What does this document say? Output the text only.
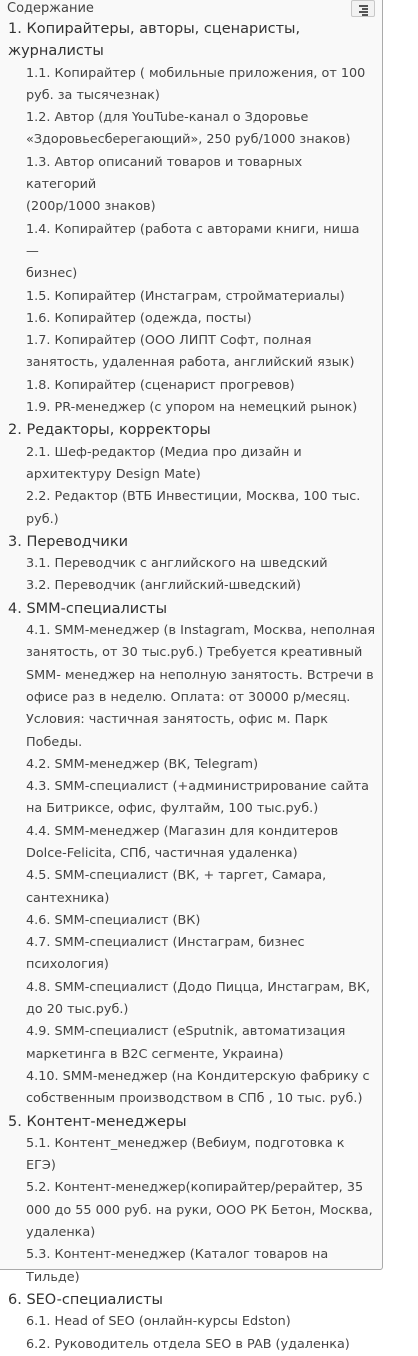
Содержание
1. Копирайтеры, авторы, сценаристы, журналисты
1.1. Копирайтер ( мобильные приложения, от 100
руб. за тысячезнак)
1.2. Автор (для YouTube-канал о Здоровье
«Здоровьесберегающий», 250 руб/1000 знаков)
1.3. Автор описаний товаров и товарных категорий
(200р/1000 знаков)
1.4. Копирайтер (работа с авторами книги, ниша —
бизнес)
1.5. Копирайтер (Инстаграм, стройматериалы)
1.6. Копирайтер (одежда, посты)
1.7. Копирайтер (ООО ЛИПТ Софт, полная
занятость, удаленная работа, английский язык)
1.8. Копирайтер (сценарист прогревов)
1.9. PR-менеджер (с упором на немецкий рынок)
2. Редакторы, корректоры
2.1. Шеф-редактор (Медиа про дизайн и
архитектуру Design Mate)
2.2. Редактор (ВТБ Инвестиции, Москва, 100 тыс.
руб.)
3. Переводчики
3.1. Переводчик с английского на шведский
3.2. Переводчик (английский-шведский)
4. SMM-специалисты
4.1. SMM-менеджер (в Instagram, Москва, неполная
занятость, от 30 тыс.руб.) Требуется креативный
SMM- менеджер на неполную занятость. Встречи в
офисе раз в неделю. Оплата: от 30000 р/месяц.
Условия: частичная занятость, офис м. Парк
Победы.
4.2. SMM-менеджер (ВК, Telegram)
4.3. SMM-специалист (+администрирование сайта
на Битриксе, офис, фултайм, 100 тыс.руб.)
4.4. SMM-менеджер (Магазин для кондитеров
Dolce-Felicita, СПб, частичная удаленка)
4.5. SMM-специалист (ВК, + таргет, Самара,
сантехника)
4.6. SMM-специалист (ВК)
4.7. SMM-специалист (Инстаграм, бизнес
психология)
4.8. SMM-специалист (Додо Пицца, Инстаграм, ВК,
до 20 тыс.руб.)
4.9. SMM-специалист (eSputnik, автоматизация
маркетинга в B2C сегменте, Украина)
4.10. SMM-менеджер (на Кондитерскую фабрику с
собственным производством в СПб , 10 тыс. руб.)
5. Контент-менеджеры
5.1. Контент_менеджер (Вебиум, подготовка к ЕГЭ)
5.2. Контент-менеджер(копирайтер/рерайтер, 35
000 до 55 000 руб. на руки, ООО РК Бетон, Москва,
удаленка)
5.3. Контент-менеджер (Каталог товаров на
Тильде)
6. SEO-специалисты
6.1. Head of SEO (онлайн-курсы Edston)
6.2. Руководитель отдела SEO в PAB (удаленка)
